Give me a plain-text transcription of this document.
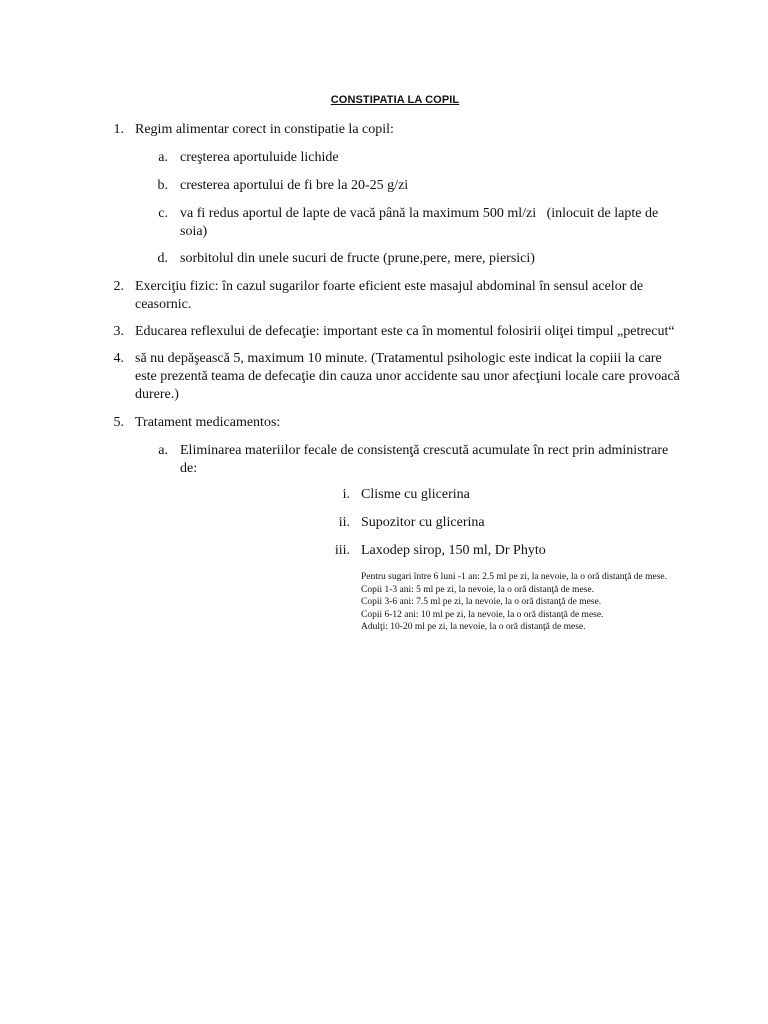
CONSTIPATIA LA COPIL
1. Regim alimentar corect in constipatie la copil:
a. creşterea aportuluide lichide
b. cresterea aportului de fi bre la 20-25 g/zi
c. va fi redus aportul de lapte de vacă până la maximum 500 ml/zi   (inlocuit de lapte de soia)
d. sorbitolul din unele sucuri de fructe (prune,pere, mere, piersici)
2. Exerciţiu fizic: în cazul sugarilor foarte eficient este masajul abdominal în sensul acelor de ceasornic.
3. Educarea reflexului de defecaţie: important este ca în momentul folosirii oliţei timpul „petrecut“
4. să nu depăşească 5, maximum 10 minute. (Tratamentul psihologic este indicat la copiii la care este prezentă teama de defecaţie din cauza unor accidente sau unor afecţiuni locale care provoacă durere.)
5. Tratament medicamentos:
a. Eliminarea materiilor fecale de consistenţă crescută acumulate în rect prin administrare de:
i. Clisme cu glicerina
ii. Supozitor cu glicerina
iii. Laxodep sirop, 150 ml, Dr Phyto
Pentru sugari între 6 luni -1 an: 2.5 ml pe zi, la nevoie, la o oră distanţă de mese.
Copii 1-3 ani: 5 ml pe zi, la nevoie, la o oră distanţă de mese.
Copii 3-6 ani: 7.5 ml pe zi, la nevoie, la o oră distanţă de mese.
Copii 6-12 ani: 10 ml pe zi, la nevoie, la o oră distanţă de mese.
Adulţi: 10-20 ml pe zi, la nevoie, la o oră distanţă de mese.
